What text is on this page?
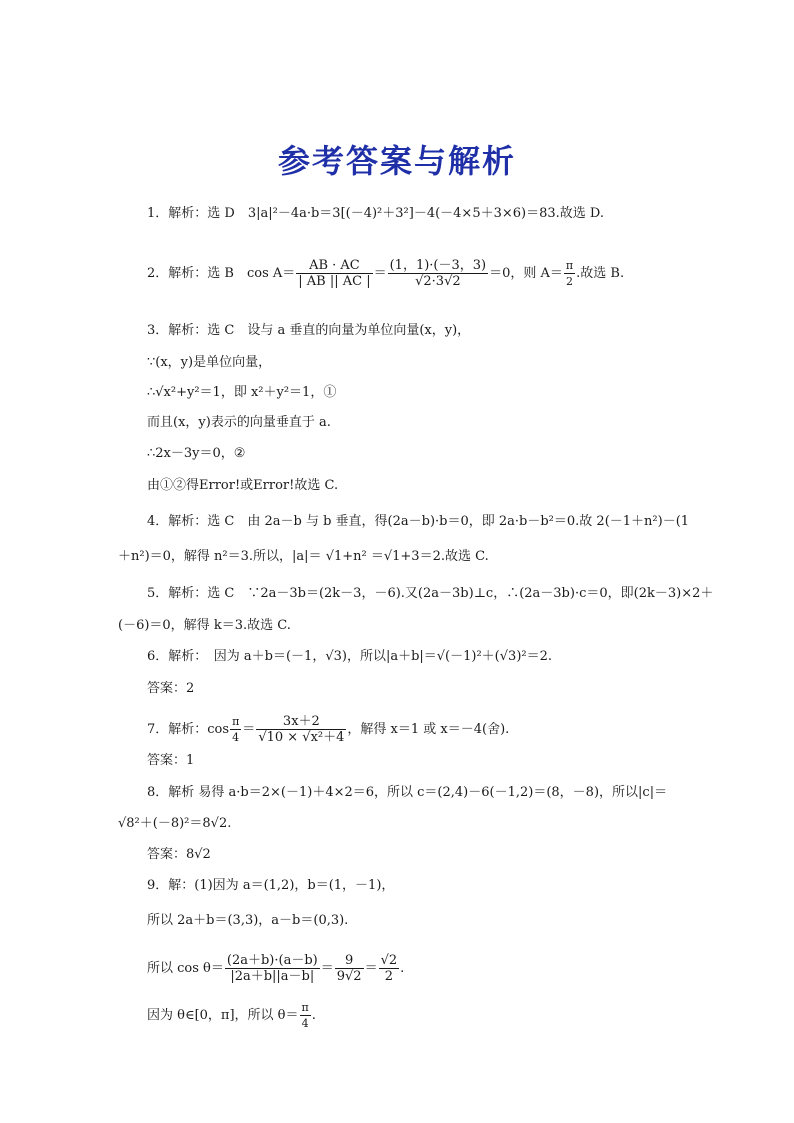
参考答案与解析
1．解析：选 D　3|a|²－4a·b＝3[(－4)²＋3²]－4(－4×5＋3×6)＝83.故选 D.
2．解析：选 B　$\cos A= \frac{AB \cdot AC}{| AB || AC |} = \frac{(1,1)\cdot(-3,3)}{√2\cdot 3√2} =0$，则 $A= \frac{\pi}{2}$ .故选 B.
3．解析：选 C　设与 a 垂直的向量为单位向量(x，y)，
∵(x，y)是单位向量，
∴√x²+y²＝1，即 x²＋y²＝1，①
而且(x，y)表示的向量垂直于 a.
∴2x－3y＝0，②
由①②得Error!或Error!故选 C.
4．解析：选 C　由 2a－b 与 b 垂直，得(2a－b)·b＝0，即 2a·b－b²＝0.故 2(－1＋n²)－(1
＋n²)＝0，解得 n²＝3.所以，|a|＝ √1+n² ＝√1+3＝2.故选 C.
5．解析：选 C　∵2a－3b＝(2k－3，－6).又(2a－3b)⊥c，∴(2a－3b)·c＝0，即(2k－3)×2＋
(－6)＝0，解得 k＝3.故选 C.
6．解析：　因为 a＋b＝(－1，√3)，所以|a＋b|＝√(－1)²＋(√3)²＝2.
答案：2
7．解析：$\cos \frac{\pi}{4} = \frac{3x+2}{\text{√10 × √x²＋4}}$ ，解得 x＝1 或 x＝－4(舍).
答案：1
8．解析 易得 a·b＝2×(－1)＋4×2＝6，所以 c＝(2,4)－6(－1,2)＝(8，－8)，所以|c|＝
√8²＋(－8)²＝8√2.
答案：8√2
9．解：(1)因为 a＝(1,2)，b＝(1，－1)，
所以 2a＋b＝(3,3)，a－b＝(0,3).
所以 $\cos \theta= \frac{(2a+b)\cdot(a-b)}{|2a+b||a-b|} = \frac{9}{9√2} = \frac{√2}{2}$ .
因为 θ∈[0，π]，所以 $\theta= \frac{\pi}{4}$ .
